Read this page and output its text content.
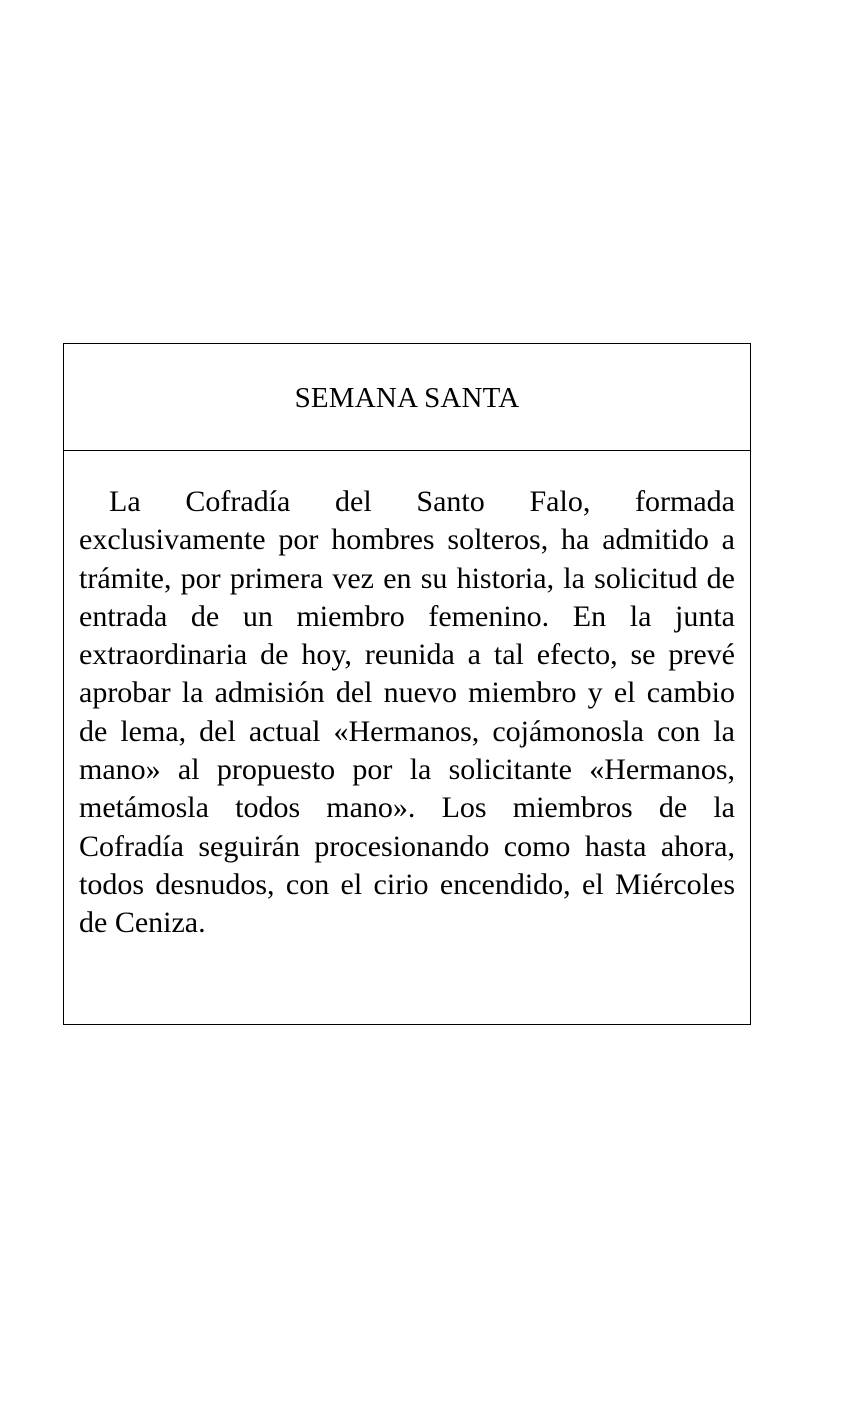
SEMANA SANTA

La Cofradía del Santo Falo, formada exclusivamente por hombres solteros, ha admitido a trámite, por primera vez en su historia, la solicitud de entrada de un miembro femenino. En la junta extraordinaria de hoy, reunida a tal efecto, se prevé aprobar la admisión del nuevo miembro y el cambio de lema, del actual «Hermanos, cojámonosla con la mano» al propuesto por la solicitante «Hermanos, metámosla todos mano». Los miembros de la Cofradía seguirán procesionando como hasta ahora, todos desnudos, con el cirio encendido, el Miércoles de Ceniza.
